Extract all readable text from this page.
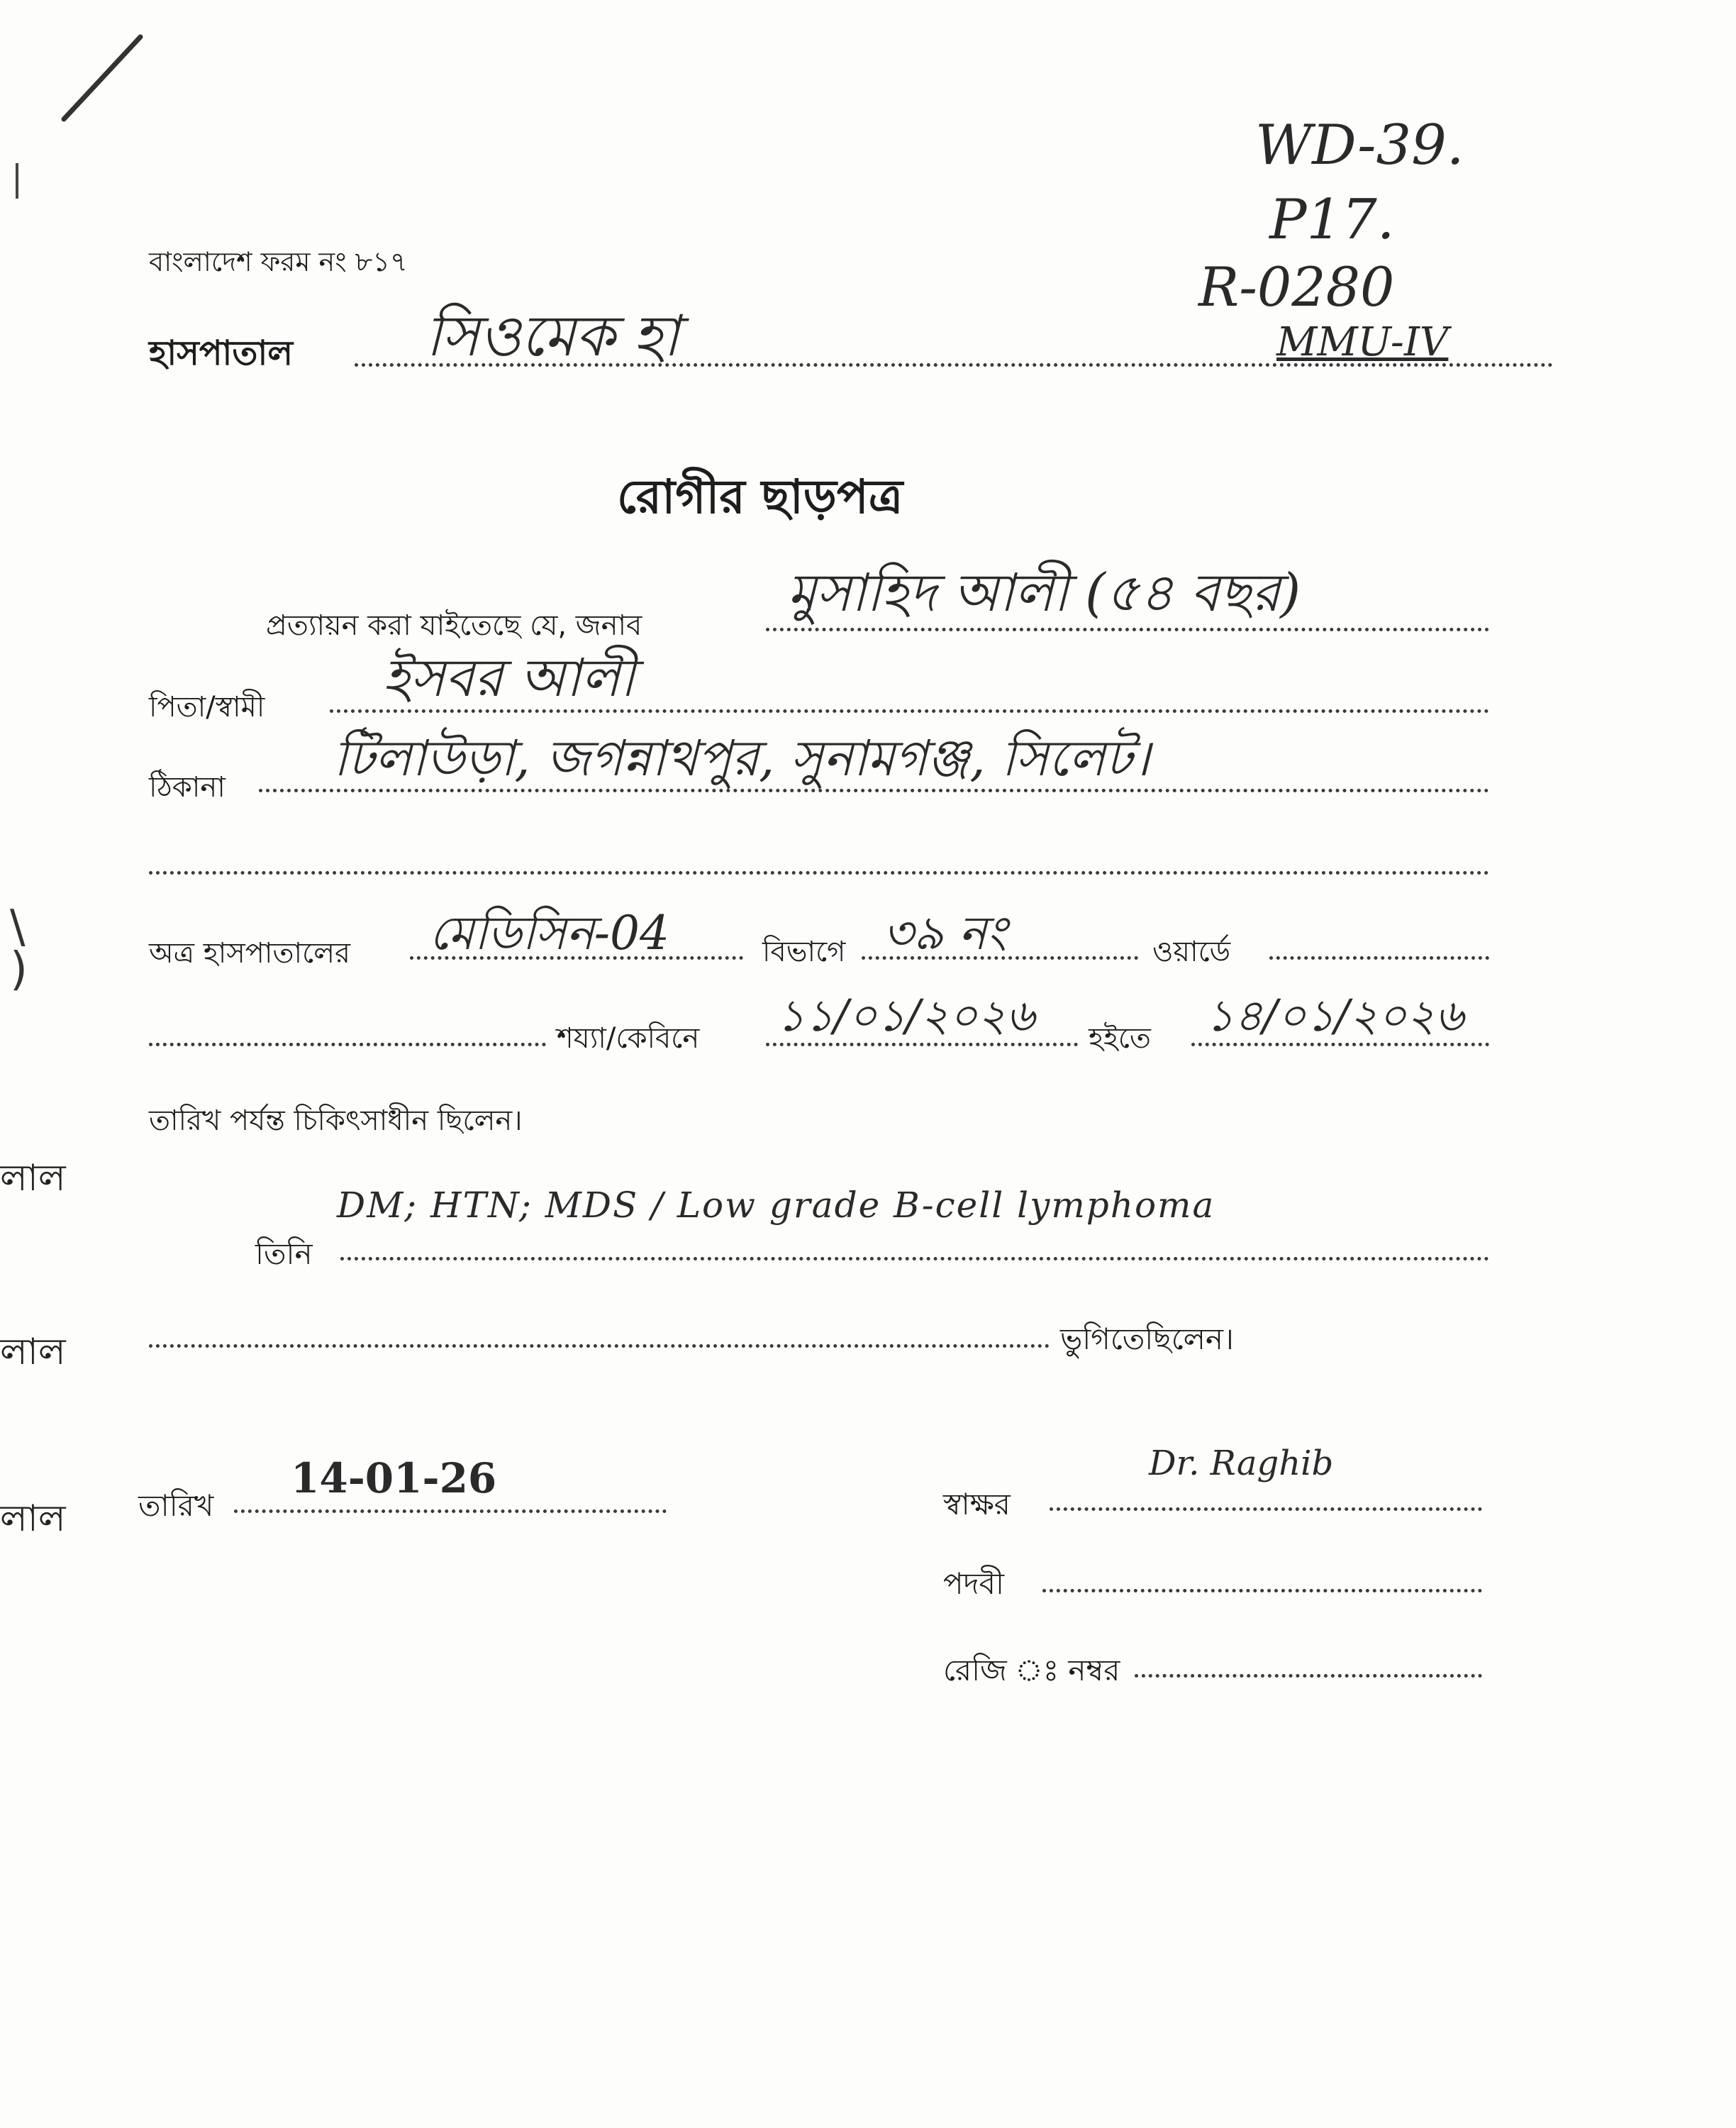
\
)
বাংলাদেশ ফরম নং ৮১৭
WD-39.
P17.
R-0280
MMU-IV
হাসপাতাল সিওমেক হা
রোগীর ছাড়পত্র
প্রত্যায়ন করা যাইতেছে যে, জনাব
মুসাহিদ আলী (৫৪ বছর)
পিতা/স্বামী ইসবর আলী
ঠিকানা টিলাউড়া, জগন্নাথপুর, সুনামগঞ্জ, সিলেট।
অত্র হাসপাতালের মেডিসিন-04	বিভাগে ৩৯ নং	ওয়ার্ডে
শয্যা/কেবিনে ১১/০১/২০২৬ হইতে ১৪/০১/২০২৬
তারিখ পর্যন্ত চিকিৎসাধীন ছিলেন।
লাল
লাল
লাল
তিনি
DM; HTN; MDS / Low grade B-cell lymphoma
ভুগিতেছিলেন।
তারিখ
14-01-26
স্বাক্ষর
Dr. Raghib
পদবী
রেজি ঃ নম্বর
